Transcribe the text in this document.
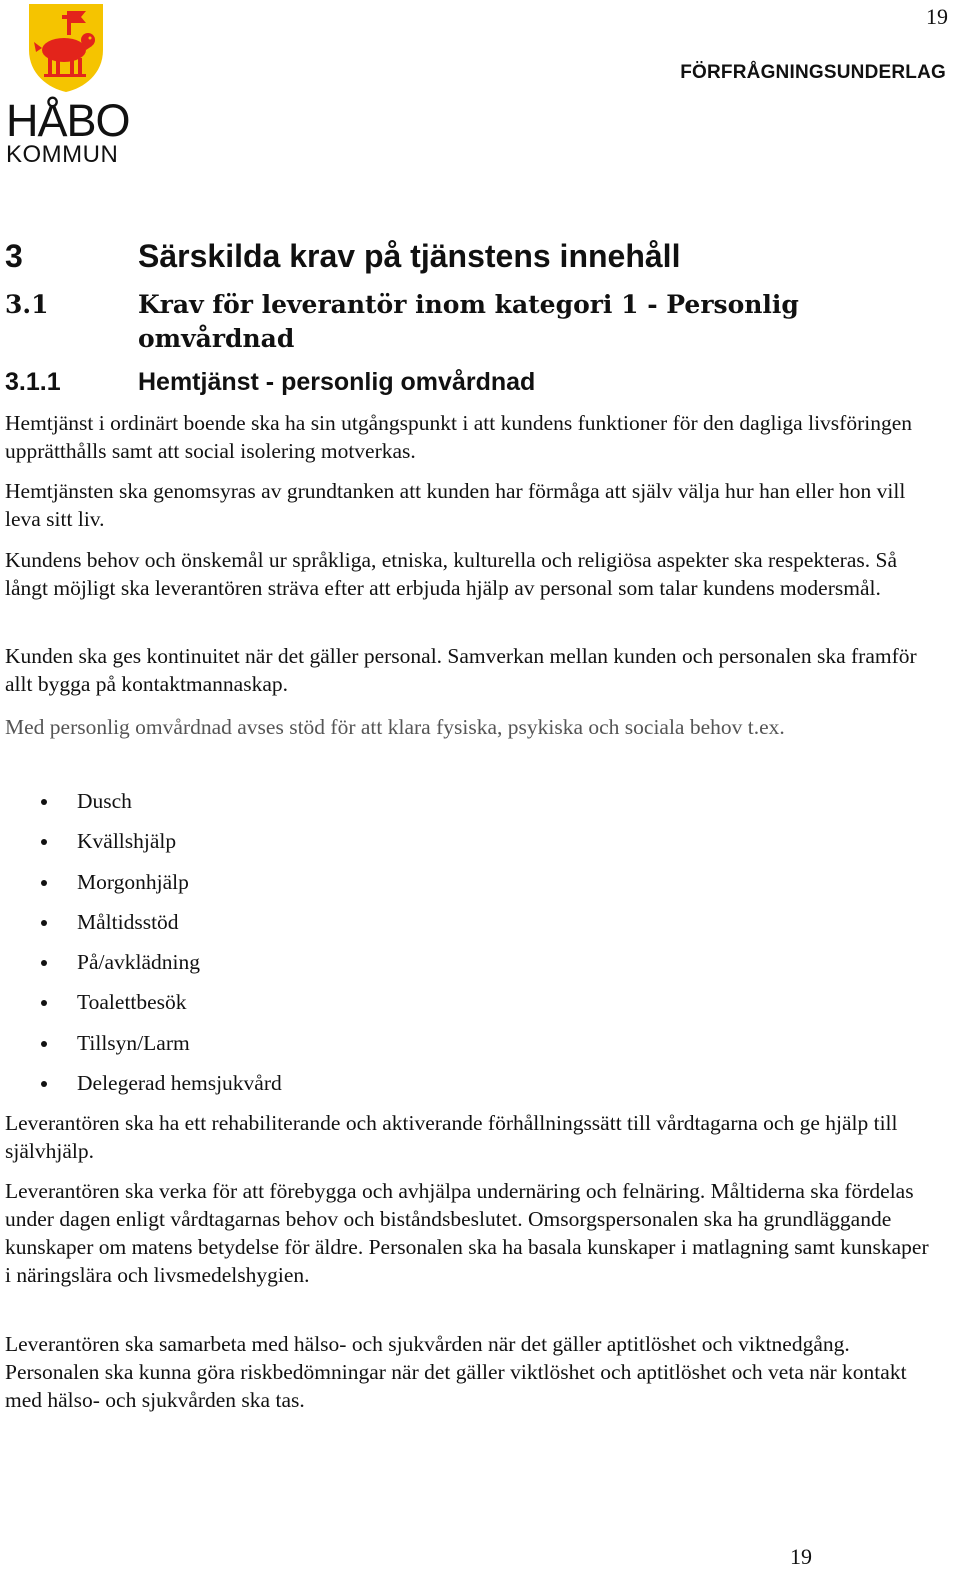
19
FÖRFRÅGNINGSUNDERLAG
HÅBO
KOMMUN
3	Särskilda krav på tjänstens innehåll
3.1	Krav för leverantör inom kategori 1 - Personlig
omvårdnad
3.1.1	Hemtjänst - personlig omvårdnad

Hemtjänst i ordinärt boende ska ha sin utgångspunkt i att kundens funktioner för den dagliga livsföringen upprätthålls samt att social isolering motverkas.

Hemtjänsten ska genomsyras av grundtanken att kunden har förmåga att själv välja hur han eller hon vill leva sitt liv.

Kundens behov och önskemål ur språkliga, etniska, kulturella och religiösa aspekter ska respekteras. Så långt möjligt ska leverantören sträva efter att erbjuda hjälp av personal som talar kundens modersmål.

Kunden ska ges kontinuitet när det gäller personal. Samverkan mellan kunden och personalen ska framför allt bygga på kontaktmannaskap.

Med personlig omvårdnad avses stöd för att klara fysiska, psykiska och sociala behov t.ex.

Dusch
Kvällshjälp
Morgonhjälp
Måltidsstöd
På/avklädning
Toalettbesök
Tillsyn/Larm
Delegerad hemsjukvård

Leverantören ska ha ett rehabiliterande och aktiverande förhållningssätt till vårdtagarna och ge hjälp till självhjälp.

Leverantören ska verka för att förebygga och avhjälpa undernäring och felnäring. Måltiderna ska fördelas under dagen enligt vårdtagarnas behov och biståndsbeslutet. Omsorgspersonalen ska ha grundläggande kunskaper om matens betydelse för äldre. Personalen ska ha basala kunskaper i matlagning samt kunskaper i näringslära och livsmedelshygien.

Leverantören ska samarbeta med hälso- och sjukvården när det gäller aptitlöshet och viktnedgång. Personalen ska kunna göra riskbedömningar när det gäller viktlöshet och aptitlöshet och veta när kontakt med hälso- och sjukvården ska tas.

19
